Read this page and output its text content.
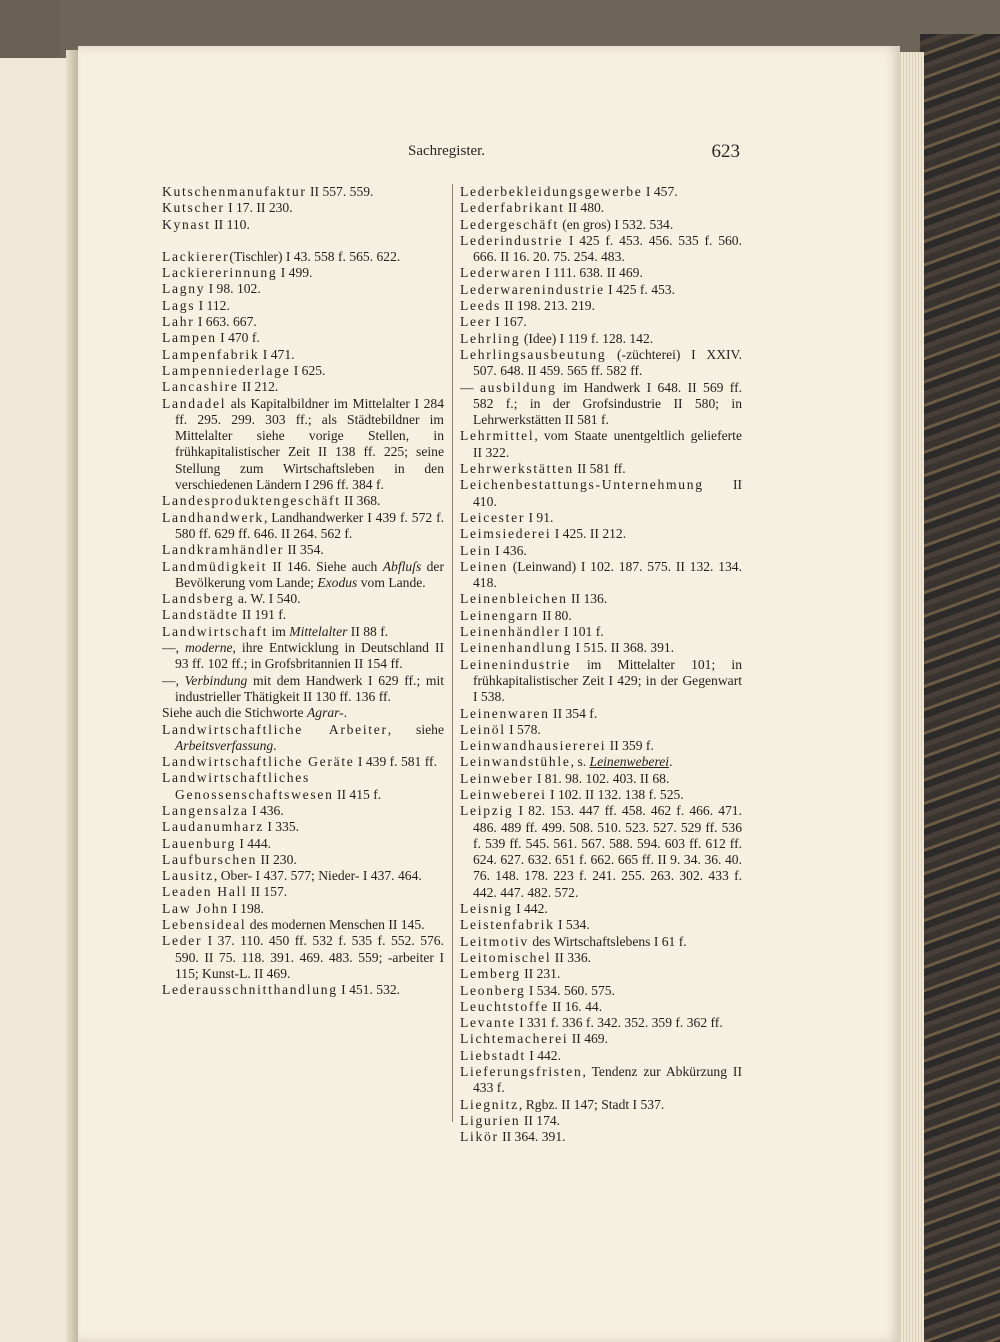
Sachregister.	623
Kutschenmanufaktur II 557. 559.
Kutscher I 17. II 230.
Kynast II 110.
Lackierer(Tischler) I 43. 558 f. 565. 622.
Lackiererinnung I 499.
Lagny I 98. 102.
Lags I 112.
Lahr I 663. 667.
Lampen I 470 f.
Lampenfabrik I 471.
Lampenniederlage I 625.
Lancashire II 212.
Landadel als Kapitalbildner im Mittelalter I 284 ff. 295. 299. 303 ff.; als Städtebildner im Mittelalter siehe vorige Stellen, in frühkapitalistischer Zeit II 138 ff. 225; seine Stellung zum Wirtschaftsleben in den verschiedenen Ländern I 296 ff. 384 f.
Landesproduktengeschäft II 368.
Landhandwerk, Landhandwerker I 439 f. 572 f. 580 ff. 629 ff. 646. II 264. 562 f.
Landkramhändler II 354.
Landmüdigkeit II 146. Siehe auch Abfluſs der Bevölkerung vom Lande; Exodus vom Lande.
Landsberg a. W. I 540.
Landstädte II 191 f.
Landwirtschaft im Mittelalter II 88 f.
—, moderne, ihre Entwicklung in Deutschland II 93 ff. 102 ff.; in Grofsbritannien II 154 ff.
—, Verbindung mit dem Handwerk I 629 ff.; mit industrieller Thätigkeit II 130 ff. 136 ff.
Siehe auch die Stichworte Agrar-.
Landwirtschaftliche Arbeiter, siehe Arbeitsverfassung.
Landwirtschaftliche Geräte I 439 f. 581 ff.
Landwirtschaftliches Genossenschaftswesen II 415 f.
Langensalza I 436.
Laudanumharz I 335.
Lauenburg I 444.
Laufburschen II 230.
Lausitz, Ober- I 437. 577; Nieder- I 437. 464.
Leaden Hall II 157.
Law John I 198.
Lebensideal des modernen Menschen II 145.
Leder I 37. 110. 450 ff. 532 f. 535 f. 552. 576. 590. II 75. 118. 391. 469. 483. 559; -arbeiter I 115; Kunst-L. II 469.
Lederausschnitthandlung I 451. 532.
Lederbekleidungsgewerbe I 457.
Lederfabrikant II 480.
Ledergeschäft (en gros) I 532. 534.
Lederindustrie I 425 f. 453. 456. 535 f. 560. 666. II 16. 20. 75. 254. 483.
Lederwaren I 111. 638. II 469.
Lederwarenindustrie I 425 f. 453.
Leeds II 198. 213. 219.
Leer I 167.
Lehrling (Idee) I 119 f. 128. 142.
Lehrlingsausbeutung (-züchterei) I XXIV. 507. 648. II 459. 565 ff. 582 ff.
— ausbildung im Handwerk I 648. II 569 ff. 582 f.; in der Grofsindustrie II 580; in Lehrwerkstätten II 581 f.
Lehrmittel, vom Staate unentgeltlich gelieferte II 322.
Lehrwerkstätten II 581 ff.
Leichenbestattungs-Unternehmung II 410.
Leicester I 91.
Leimsiederei I 425. II 212.
Lein I 436.
Leinen (Leinwand) I 102. 187. 575. II 132. 134. 418.
Leinenbleichen II 136.
Leinengarn II 80.
Leinenhändler I 101 f.
Leinenhandlung I 515. II 368. 391.
Leinenindustrie im Mittelalter 101; in frühkapitalistischer Zeit I 429; in der Gegenwart I 538.
Leinenwaren II 354 f.
Leinöl I 578.
Leinwandhausiererei II 359 f.
Leinwandstühle, s. Leinenweberei.
Leinweber I 81. 98. 102. 403. II 68.
Leinweberei I 102. II 132. 138 f. 525.
Leipzig I 82. 153. 447 ff. 458. 462 f. 466. 471. 486. 489 ff. 499. 508. 510. 523. 527. 529 ff. 536 f. 539 ff. 545. 561. 567. 588. 594. 603 ff. 612 ff. 624. 627. 632. 651 f. 662. 665 ff. II 9. 34. 36. 40. 76. 148. 178. 223 f. 241. 255. 263. 302. 433 f. 442. 447. 482. 572.
Leisnig I 442.
Leistenfabrik I 534.
Leitmotiv des Wirtschaftslebens I 61 f.
Leitomischel II 336.
Lemberg II 231.
Leonberg I 534. 560. 575.
Leuchtstoffe II 16. 44.
Levante I 331 f. 336 f. 342. 352. 359 f. 362 ff.
Lichtemacherei II 469.
Liebstadt I 442.
Lieferungsfristen, Tendenz zur Abkürzung II 433 f.
Liegnitz, Rgbz. II 147; Stadt I 537.
Ligurien II 174.
Likör II 364. 391.
